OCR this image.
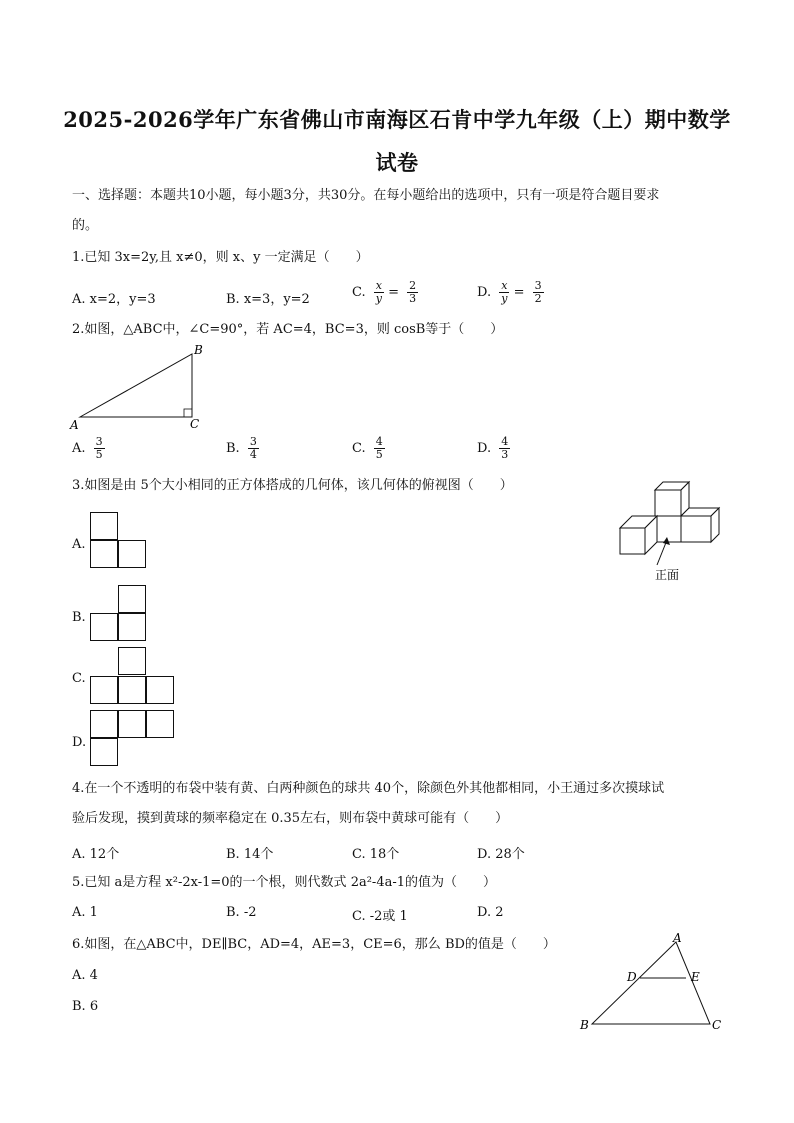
2025-2026学年广东省佛山市南海区石肯中学九年级（上）期中数学
试卷
一、选择题：本题共10小题，每小题3分，共30分。在每小题给出的选项中，只有一项是符合题目要求
的。
1.已知 3x=2y,且 x≠0，则 x、y 一定满足（　　）
A. x=2，y=3	B. x=3，y=2	C. $\frac{x}{y} = \frac{2}{3}$	D. $\frac{x}{y} = \frac{3}{2}$
2.如图，△ABC中，∠C=90°，若 AC=4，BC=3，则 cosB等于（　　）
A
B
C
A. $\frac{3}{5}$	B. $\frac{3}{4}$	C. $\frac{4}{5}$	D. $\frac{4}{3}$
3.如图是由 5个大小相同的正方体搭成的几何体，该几何体的俯视图（　　）
正面
A.
B.
C.
D.
4.在一个不透明的布袋中装有黄、白两种颜色的球共 40个，除颜色外其他都相同，小王通过多次摸球试
验后发现，摸到黄球的频率稳定在 0.35左右，则布袋中黄球可能有（　　）
A. 12个	B. 14个	C. 18个	D. 28个
5.已知 a是方程 x²-2x-1=0的一个根，则代数式 2a²-4a-1的值为（　　）
A. 1	B. -2	C. -2或 1	D. 2
6.如图，在△ABC中，DE∥BC，AD=4，AE=3，CE=6，那么 BD的值是（　　）
A. 4
B. 6
A
B	C
D	E
